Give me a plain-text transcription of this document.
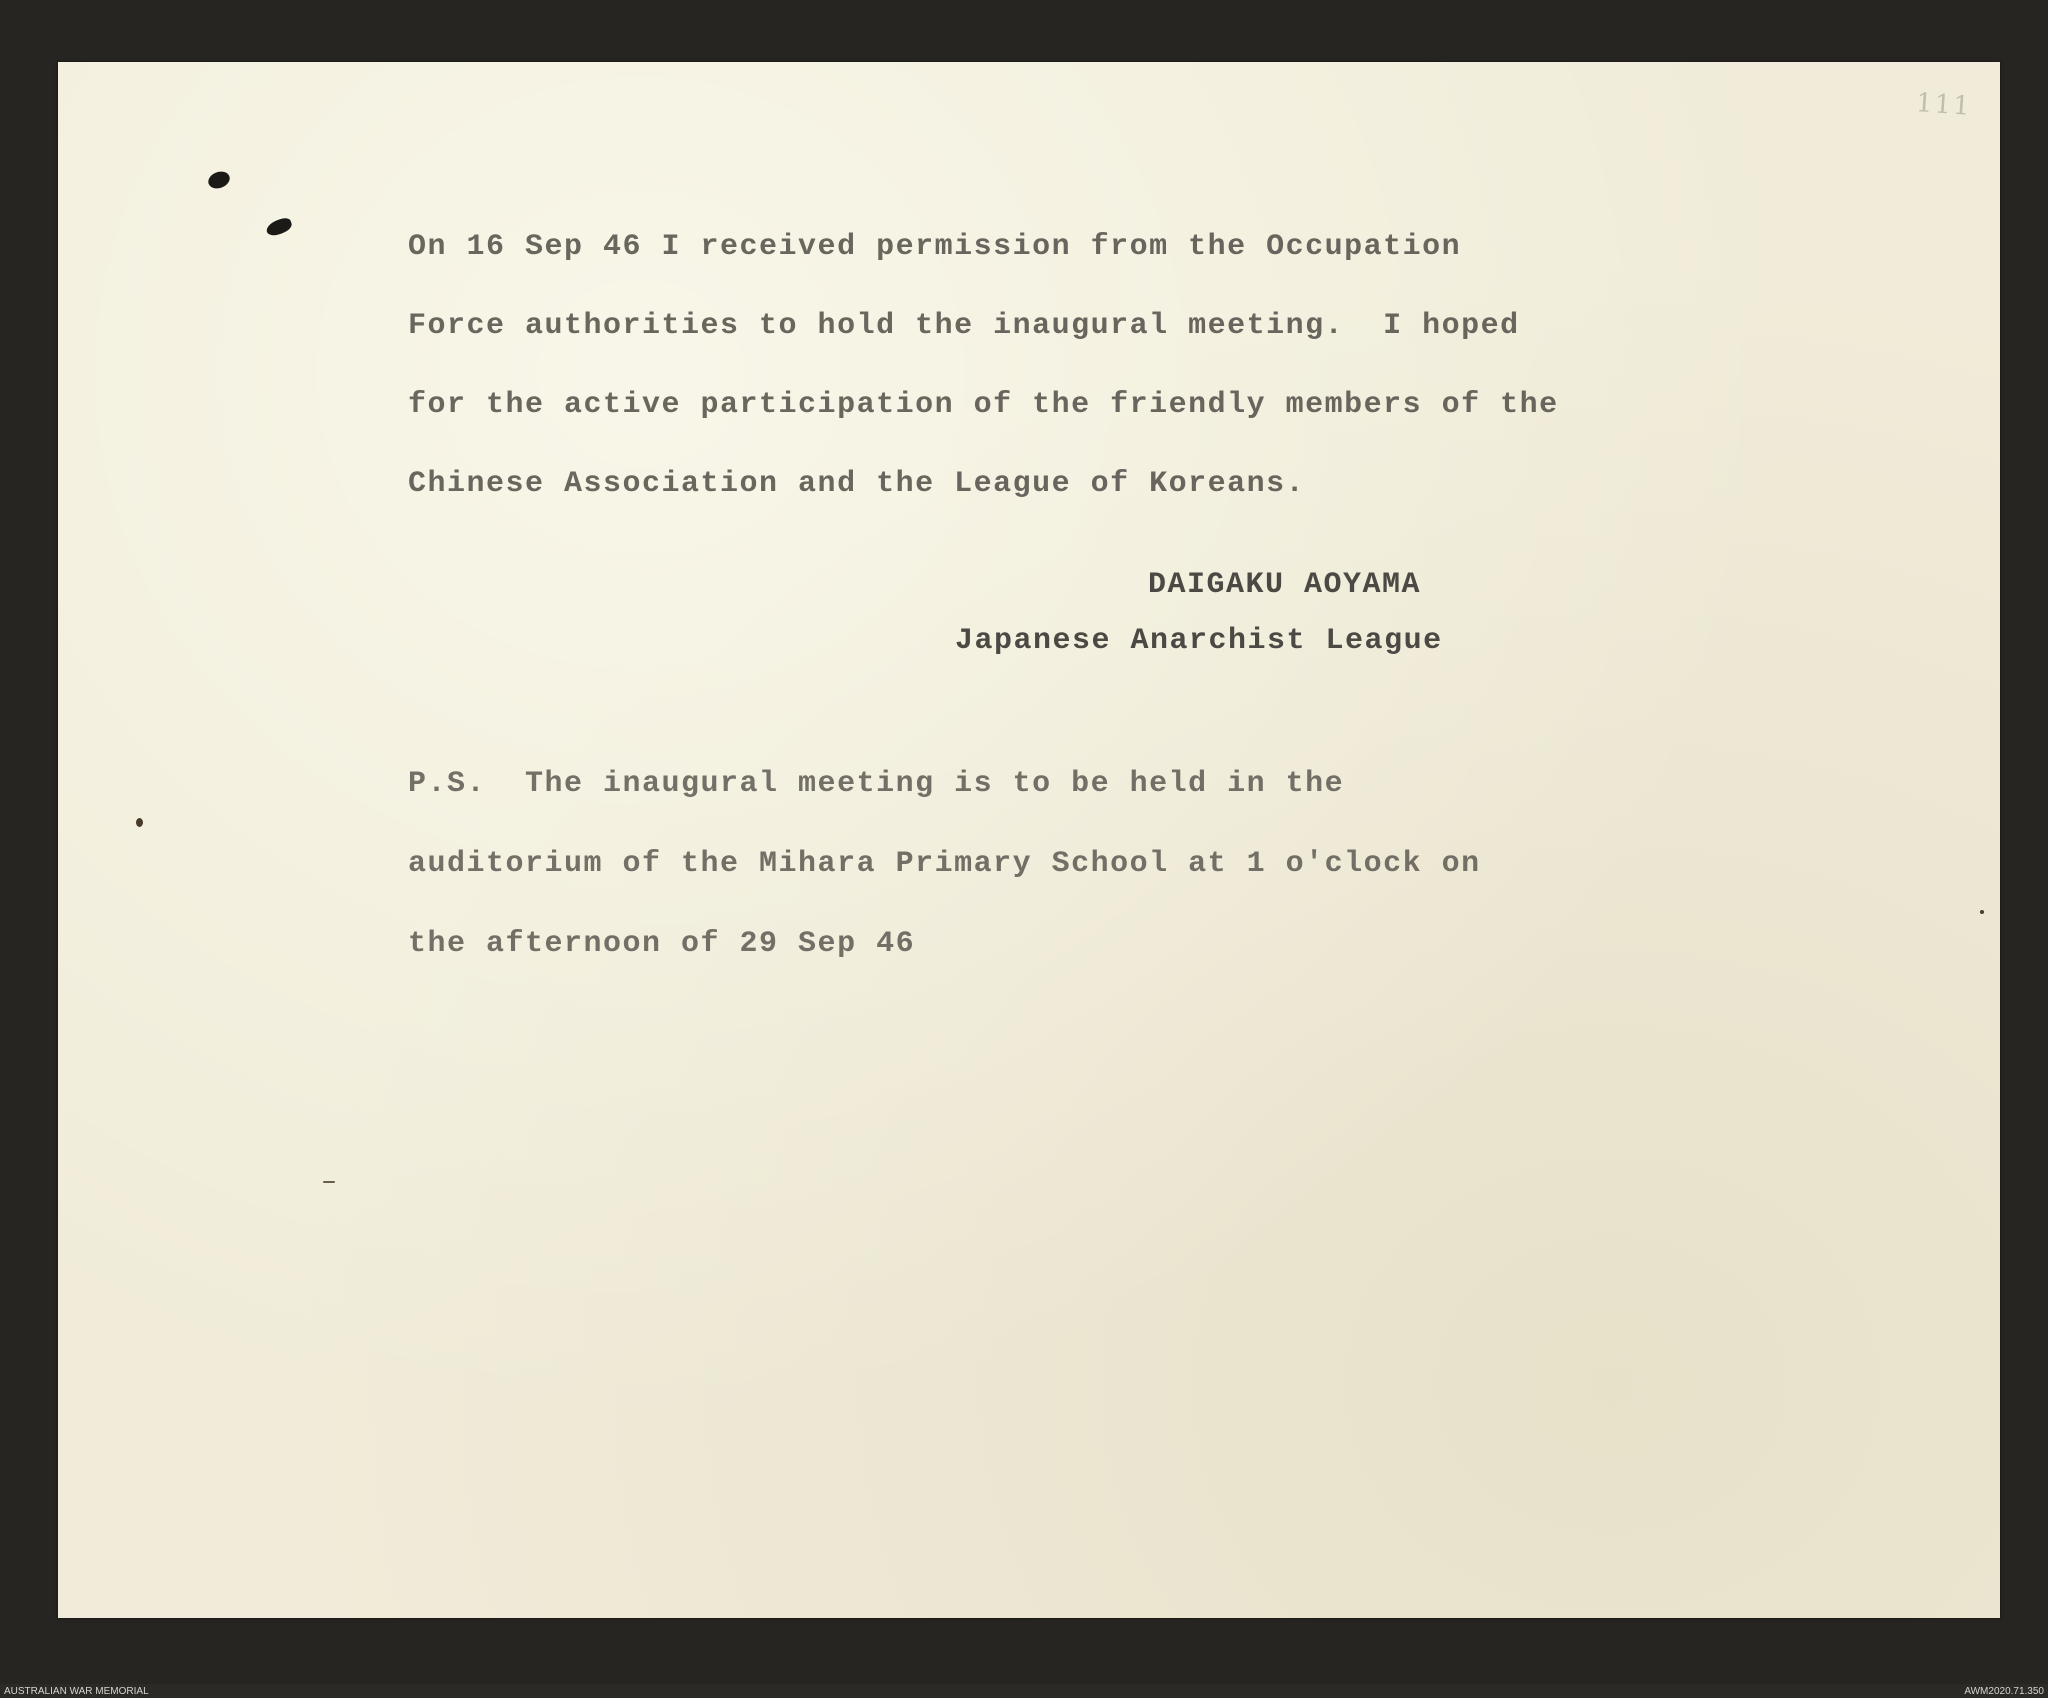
111
On 16 Sep 46 I received permission from the Occupation
Force authorities to hold the inaugural meeting.  I hoped
for the active participation of the friendly members of the
Chinese Association and the League of Koreans.
DAIGAKU AOYAMA
Japanese Anarchist League
P.S.  The inaugural meeting is to be held in the
auditorium of the Mihara Primary School at 1 o'clock on
the afternoon of 29 Sep 46
AUSTRALIAN WAR MEMORIAL	AWM2020.71.350
